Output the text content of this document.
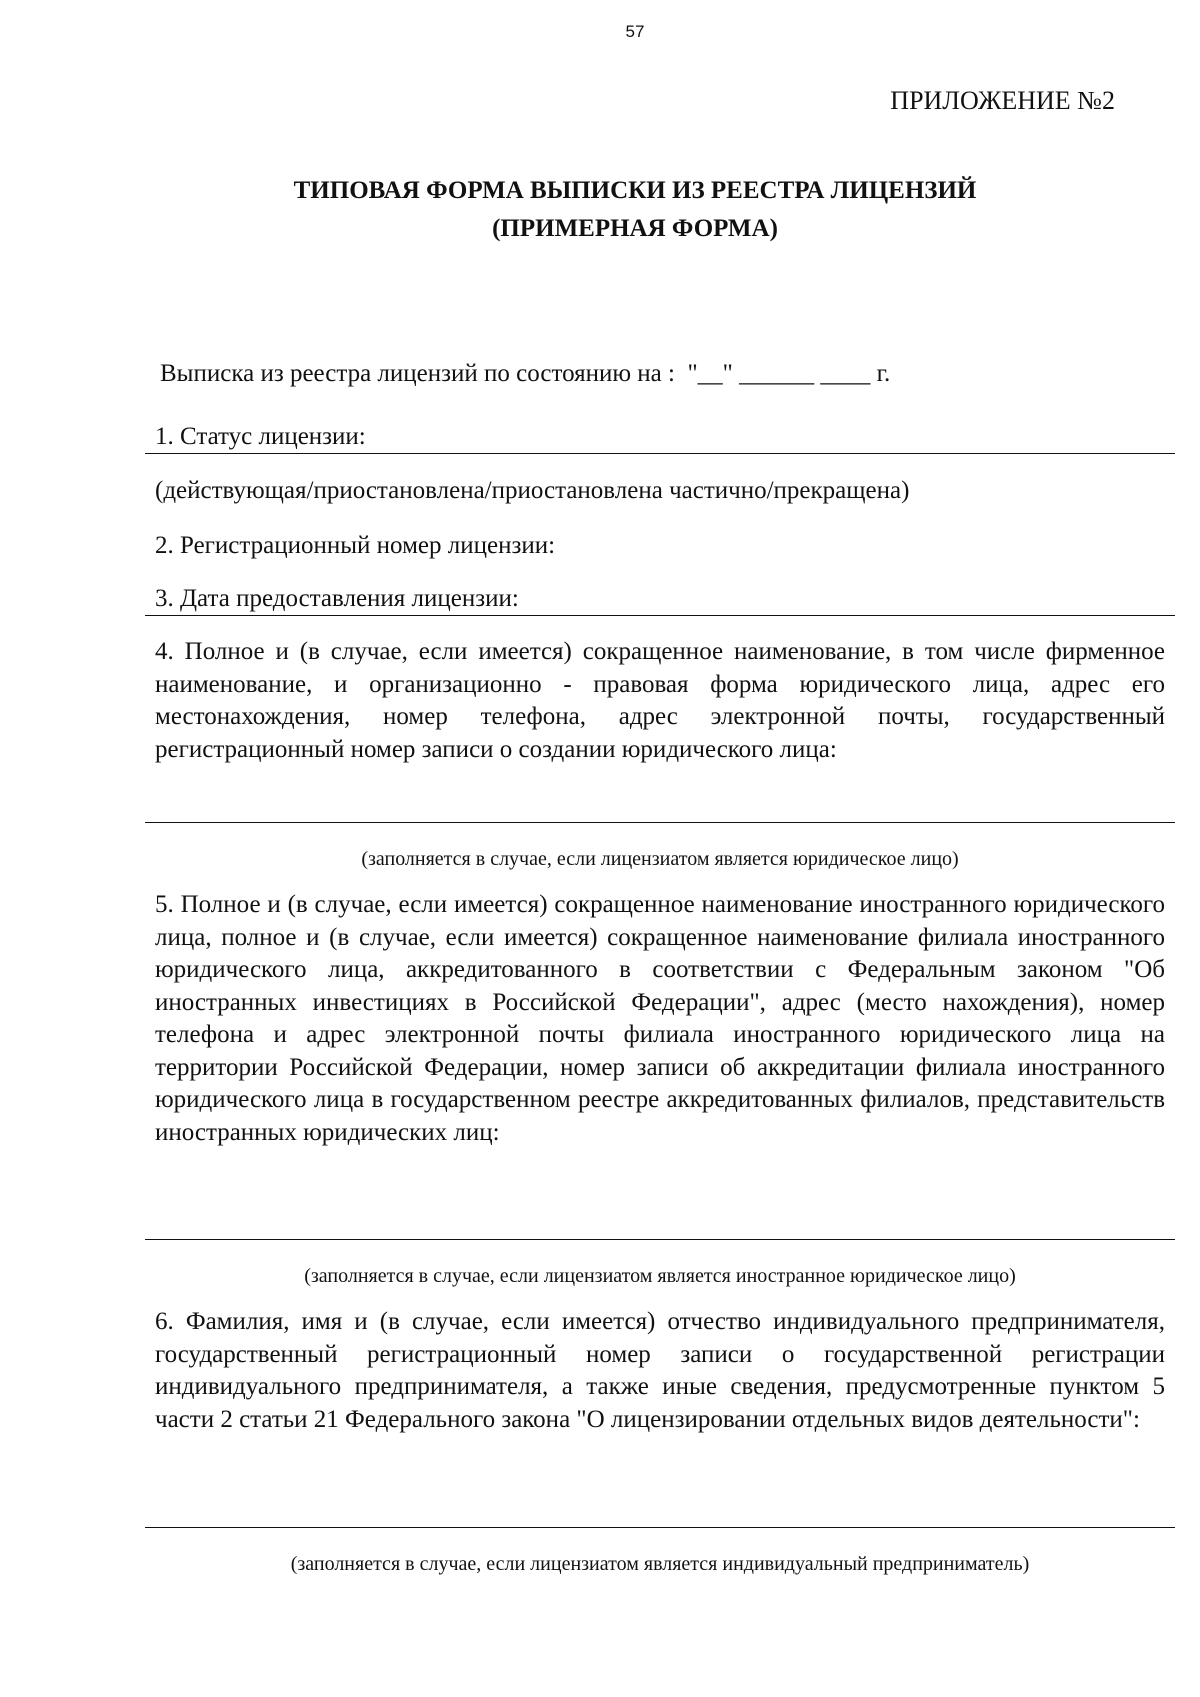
57
ПРИЛОЖЕНИЕ №2
ТИПОВАЯ ФОРМА ВЫПИСКИ ИЗ РЕЕСТРА ЛИЦЕНЗИЙ
(ПРИМЕРНАЯ ФОРМА)
Выписка из реестра лицензий по состоянию на :  "__" ______ ____ г.
1. Статус лицензии:
(действующая/приостановлена/приостановлена частично/прекращена)
2. Регистрационный номер лицензии:
3. Дата предоставления лицензии:
4. Полное и (в случае, если имеется) сокращенное наименование, в том числе фирменное наименование, и организационно - правовая форма юридического лица, адрес его местонахождения, номер телефона, адрес электронной почты, государственный регистрационный номер записи о создании юридического лица:
(заполняется в случае, если лицензиатом является юридическое лицо)
5. Полное и (в случае, если имеется) сокращенное наименование иностранного юридического лица, полное и (в случае, если имеется) сокращенное наименование филиала иностранного юридического лица, аккредитованного в соответствии с Федеральным законом "Об иностранных инвестициях в Российской Федерации", адрес (место нахождения), номер телефона и адрес электронной почты филиала иностранного юридического лица на территории Российской Федерации, номер записи об аккредитации филиала иностранного юридического лица в государственном реестре аккредитованных филиалов, представительств иностранных юридических лиц:
(заполняется в случае, если лицензиатом является иностранное юридическое лицо)
6. Фамилия, имя и (в случае, если имеется) отчество индивидуального предпринимателя, государственный регистрационный номер записи о государственной регистрации индивидуального предпринимателя, а также иные сведения, предусмотренные пунктом 5 части 2 статьи 21 Федерального закона "О лицензировании отдельных видов деятельности":
(заполняется в случае, если лицензиатом является индивидуальный предприниматель)
